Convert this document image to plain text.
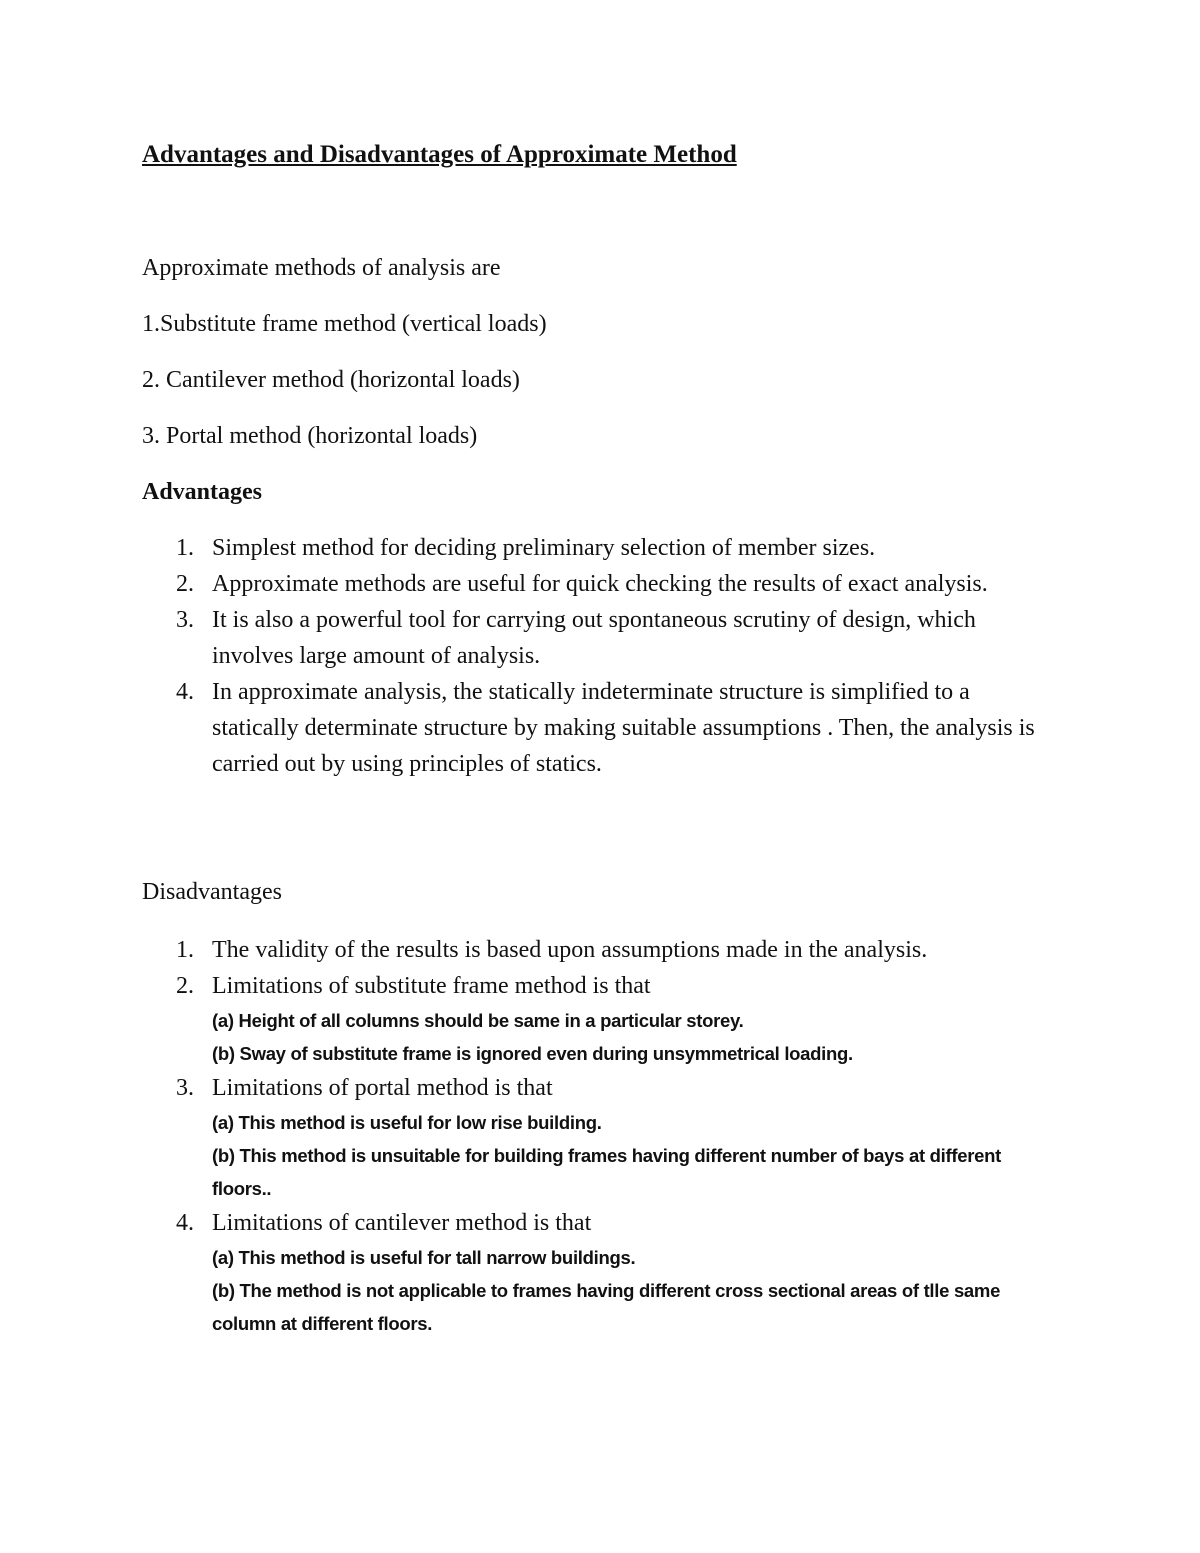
Advantages and Disadvantages of Approximate Method
Approximate methods of analysis are
1.Substitute frame method (vertical loads)
2. Cantilever method (horizontal loads)
3. Portal method (horizontal loads)
Advantages
1. Simplest method for deciding preliminary selection of member sizes.
2. Approximate methods are useful for quick checking the results of exact analysis.
3. It is also a powerful tool for carrying out spontaneous scrutiny of design, which involves large amount of analysis.
4. In approximate analysis, the statically indeterminate structure is simplified to a statically determinate structure by making suitable assumptions . Then, the analysis is carried out by using principles of statics.
Disadvantages
1. The validity of the results is based upon assumptions made in the analysis.
2. Limitations of substitute frame method is that
(a) Height of all columns should be same in a particular storey.
(b) Sway of substitute frame is ignored even during unsymmetrical loading.
3. Limitations of portal method is that
(a) This method is useful for low rise building.
(b) This method is unsuitable for building frames having different number of bays at different floors..
4. Limitations of cantilever method is that
(a) This method is useful for tall narrow buildings.
(b) The method is not applicable to frames having different cross sectional areas of tlle same column at different floors.
